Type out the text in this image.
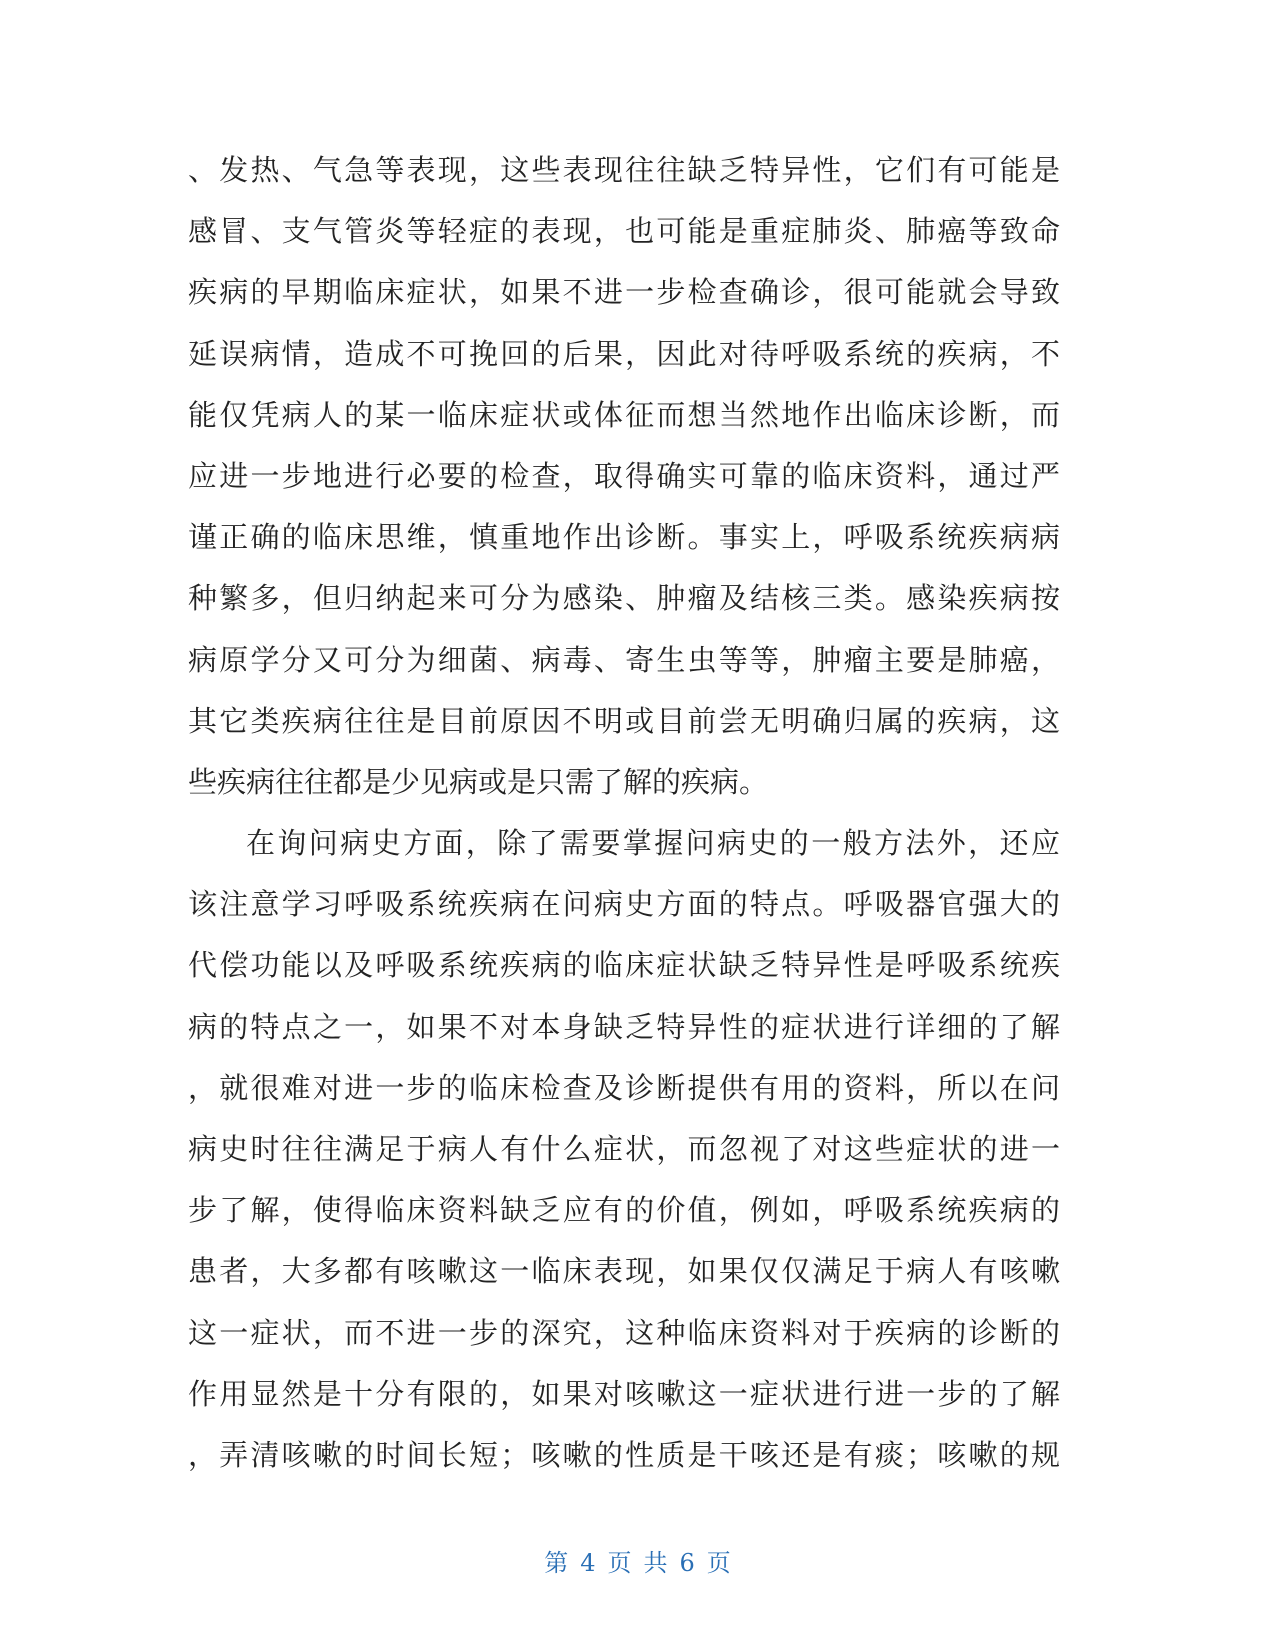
、发热、气急等表现，这些表现往往缺乏特异性，它们有可能是
感冒、支气管炎等轻症的表现，也可能是重症肺炎、肺癌等致命
疾病的早期临床症状，如果不进一步检查确诊，很可能就会导致
延误病情，造成不可挽回的后果，因此对待呼吸系统的疾病，不
能仅凭病人的某一临床症状或体征而想当然地作出临床诊断，而
应进一步地进行必要的检查，取得确实可靠的临床资料，通过严
谨正确的临床思维，慎重地作出诊断。事实上，呼吸系统疾病病
种繁多，但归纳起来可分为感染、肿瘤及结核三类。感染疾病按
病原学分又可分为细菌、病毒、寄生虫等等，肿瘤主要是肺癌，
其它类疾病往往是目前原因不明或目前尝无明确归属的疾病，这
些疾病往往都是少见病或是只需了解的疾病。
在询问病史方面，除了需要掌握问病史的一般方法外，还应
该注意学习呼吸系统疾病在问病史方面的特点。呼吸器官强大的
代偿功能以及呼吸系统疾病的临床症状缺乏特异性是呼吸系统疾
病的特点之一，如果不对本身缺乏特异性的症状进行详细的了解
，就很难对进一步的临床检查及诊断提供有用的资料，所以在问
病史时往往满足于病人有什么症状，而忽视了对这些症状的进一
步了解，使得临床资料缺乏应有的价值，例如，呼吸系统疾病的
患者，大多都有咳嗽这一临床表现，如果仅仅满足于病人有咳嗽
这一症状，而不进一步的深究，这种临床资料对于疾病的诊断的
作用显然是十分有限的，如果对咳嗽这一症状进行进一步的了解
，弄清咳嗽的时间长短；咳嗽的性质是干咳还是有痰；咳嗽的规
第 4 页 共 6 页
